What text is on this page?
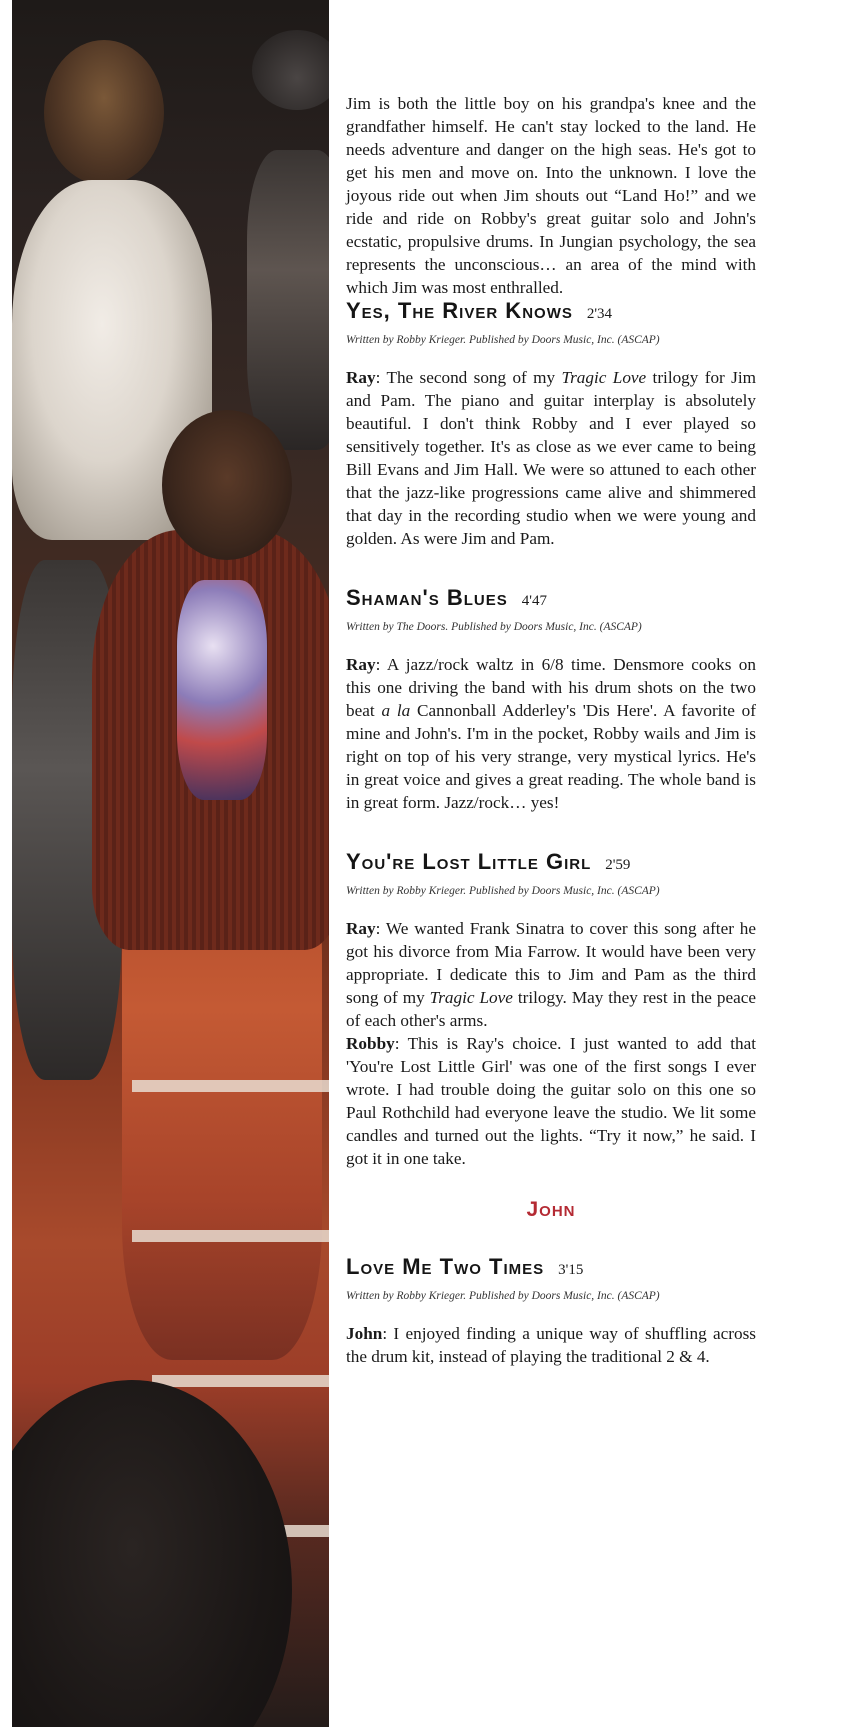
Jim is both the little boy on his grandpa's knee and the grandfather himself. He can't stay locked to the land. He needs adventure and danger on the high seas. He's got to get his men and move on. Into the unknown. I love the joyous ride out when Jim shouts out “Land Ho!” and we ride and ride on Robby's great guitar solo and John's ecstatic, propulsive drums. In Jungian psychology, the sea represents the unconscious… an area of the mind with which Jim was most enthralled.

Yes, The River Knows 2'34
Written by Robby Krieger. Published by Doors Music, Inc. (ASCAP)

Ray: The second song of my Tragic Love trilogy for Jim and Pam. The piano and guitar interplay is absolutely beautiful. I don't think Robby and I ever played so sensitively together. It's as close as we ever came to being Bill Evans and Jim Hall. We were so attuned to each other that the jazz-like progressions came alive and shimmered that day in the recording studio when we were young and golden. As were Jim and Pam.

Shaman's Blues 4'47
Written by The Doors. Published by Doors Music, Inc. (ASCAP)

Ray: A jazz/rock waltz in 6/8 time. Densmore cooks on this one driving the band with his drum shots on the two beat a la Cannonball Adderley's 'Dis Here'. A favorite of mine and John's. I'm in the pocket, Robby wails and Jim is right on top of his very strange, very mystical lyrics. He's in great voice and gives a great reading. The whole band is in great form. Jazz/rock… yes!

You're Lost Little Girl 2'59
Written by Robby Krieger. Published by Doors Music, Inc. (ASCAP)

Ray: We wanted Frank Sinatra to cover this song after he got his divorce from Mia Farrow. It would have been very appropriate. I dedicate this to Jim and Pam as the third song of my Tragic Love trilogy. May they rest in the peace of each other's arms.

Robby: This is Ray's choice. I just wanted to add that 'You're Lost Little Girl' was one of the first songs I ever wrote. I had trouble doing the guitar solo on this one so Paul Rothchild had everyone leave the studio. We lit some candles and turned out the lights. “Try it now,” he said. I got it in one take.

John
Love Me Two Times 3'15
Written by Robby Krieger. Published by Doors Music, Inc. (ASCAP)

John: I enjoyed finding a unique way of shuffling across the drum kit, instead of playing the traditional 2 & 4.
